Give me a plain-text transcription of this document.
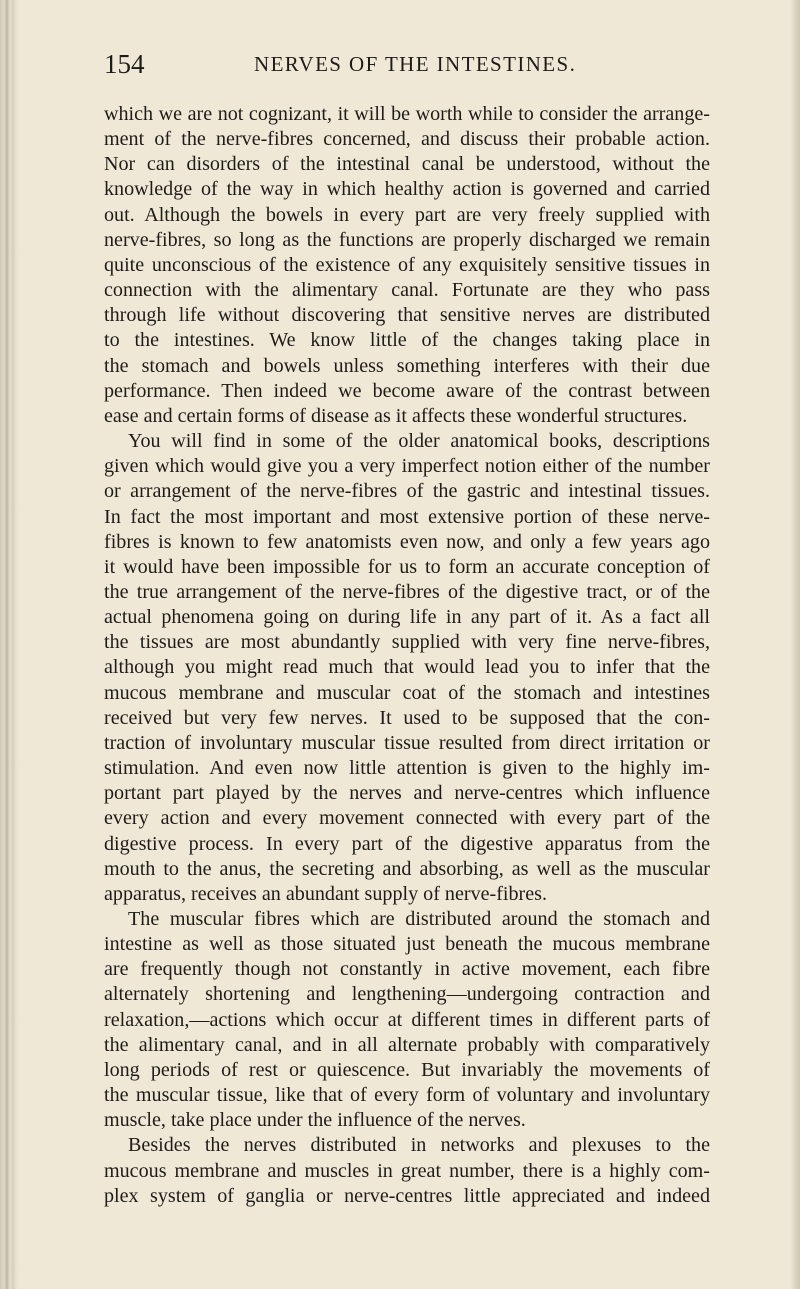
154	NERVES OF THE INTESTINES.

which we are not cognizant, it will be worth while to consider the arrange-

ment of the nerve-fibres concerned, and discuss their probable action.

Nor can disorders of the intestinal canal be understood, without the

knowledge of the way in which healthy action is governed and carried

out. Although the bowels in every part are very freely supplied with

nerve-fibres, so long as the functions are properly discharged we remain

quite unconscious of the existence of any exquisitely sensitive tissues in

connection with the alimentary canal. Fortunate are they who pass

through life without discovering that sensitive nerves are distributed

to the intestines. We know little of the changes taking place in

the stomach and bowels unless something interferes with their due

performance. Then indeed we become aware of the contrast between

ease and certain forms of disease as it affects these wonderful structures.

You will find in some of the older anatomical books, descriptions

given which would give you a very imperfect notion either of the number

or arrangement of the nerve-fibres of the gastric and intestinal tissues.

In fact the most important and most extensive portion of these nerve-

fibres is known to few anatomists even now, and only a few years ago

it would have been impossible for us to form an accurate conception of

the true arrangement of the nerve-fibres of the digestive tract, or of the

actual phenomena going on during life in any part of it. As a fact all

the tissues are most abundantly supplied with very fine nerve-fibres,

although you might read much that would lead you to infer that the

mucous membrane and muscular coat of the stomach and intestines

received but very few nerves. It used to be supposed that the con-

traction of involuntary muscular tissue resulted from direct irritation or

stimulation. And even now little attention is given to the highly im-

portant part played by the nerves and nerve-centres which influence

every action and every movement connected with every part of the

digestive process. In every part of the digestive apparatus from the

mouth to the anus, the secreting and absorbing, as well as the muscular

apparatus, receives an abundant supply of nerve-fibres.

The muscular fibres which are distributed around the stomach and

intestine as well as those situated just beneath the mucous membrane

are frequently though not constantly in active movement, each fibre

alternately shortening and lengthening—undergoing contraction and

relaxation,—actions which occur at different times in different parts of

the alimentary canal, and in all alternate probably with comparatively

long periods of rest or quiescence. But invariably the movements of

the muscular tissue, like that of every form of voluntary and involuntary

muscle, take place under the influence of the nerves.

Besides the nerves distributed in networks and plexuses to the

mucous membrane and muscles in great number, there is a highly com-

plex system of ganglia or nerve-centres little appreciated and indeed
